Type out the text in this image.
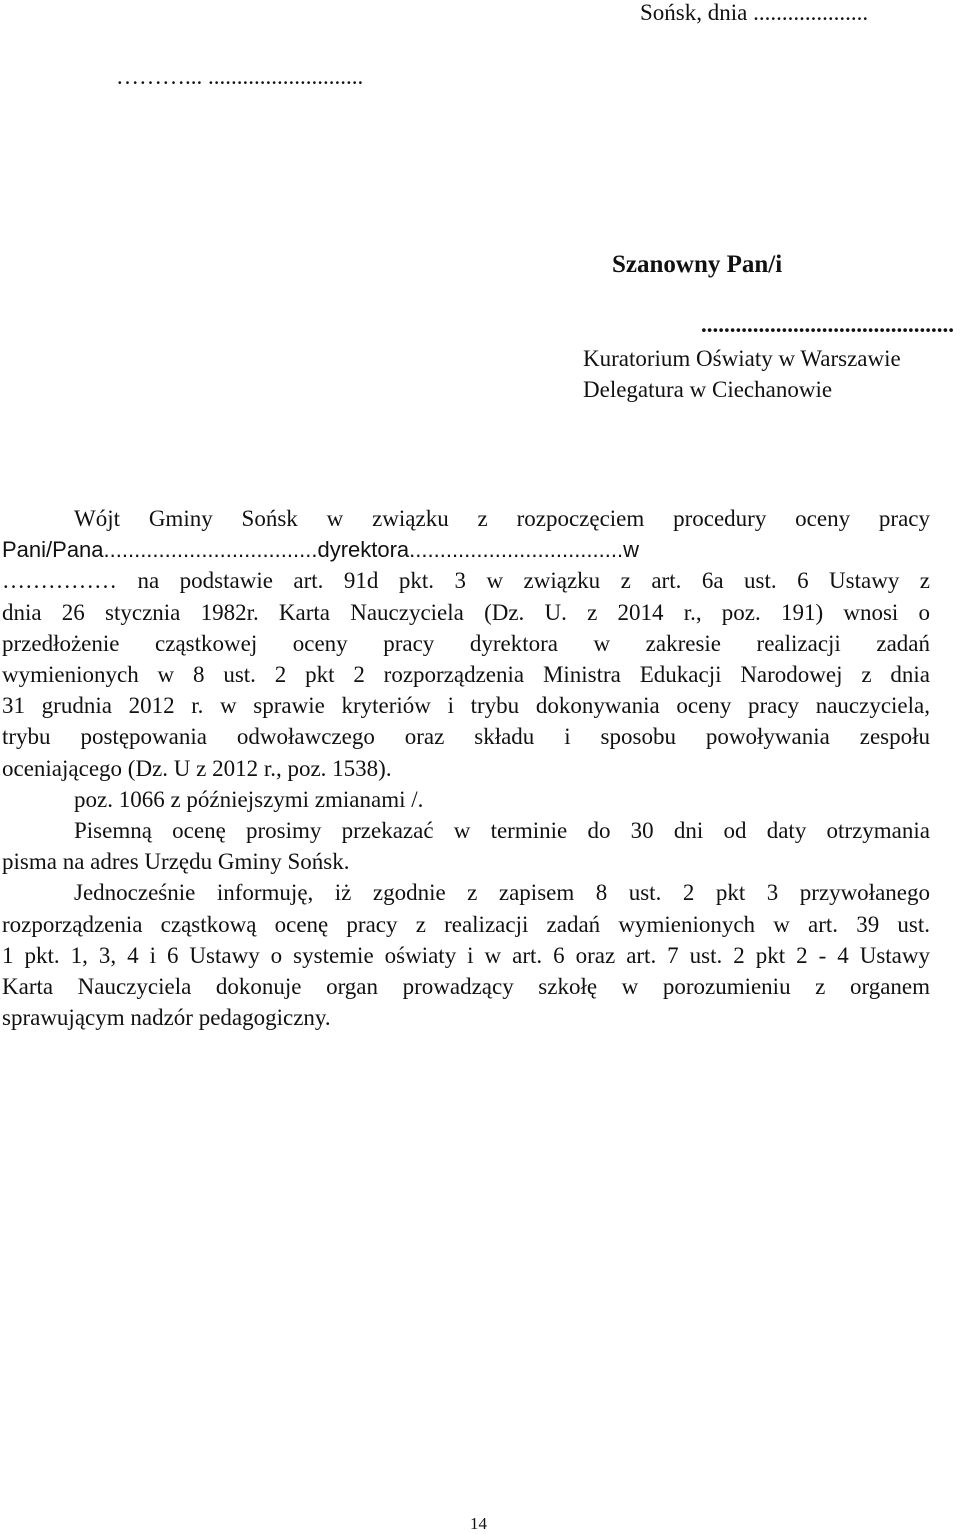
Sońsk, dnia ....................
………... ...........................
Szanowny Pan/i
............................................
Kuratorium Oświaty w Warszawie
Delegatura w Ciechanowie
Wójt Gminy Sońsk w związku z rozpoczęciem procedury oceny pracy
Pani/Pana...................................dyrektora...................................w
…………… na podstawie art. 91d pkt. 3 w związku z art. 6a ust. 6 Ustawy z
dnia 26 stycznia 1982r. Karta Nauczyciela (Dz. U. z 2014 r., poz. 191) wnosi o
przedłożenie cząstkowej oceny pracy dyrektora w zakresie realizacji zadań
wymienionych w 8 ust. 2 pkt 2 rozporządzenia Ministra Edukacji Narodowej z dnia
31 grudnia 2012 r. w sprawie kryteriów i trybu dokonywania oceny pracy nauczyciela,
trybu postępowania odwoławczego oraz składu i sposobu powoływania zespołu
oceniającego (Dz. U z 2012 r., poz. 1538).
poz. 1066 z późniejszymi zmianami /.
Pisemną ocenę prosimy przekazać w terminie do 30 dni od daty otrzymania
pisma na adres Urzędu Gminy Sońsk.
Jednocześnie informuję, iż zgodnie z zapisem 8 ust. 2 pkt 3 przywołanego
rozporządzenia cząstkową ocenę pracy z realizacji zadań wymienionych w art. 39 ust.
1 pkt. 1, 3, 4 i 6 Ustawy o systemie oświaty i w art. 6 oraz art. 7 ust. 2 pkt 2 - 4 Ustawy
Karta Nauczyciela dokonuje organ prowadzący szkołę w porozumieniu z organem
sprawującym nadzór pedagogiczny.
14
